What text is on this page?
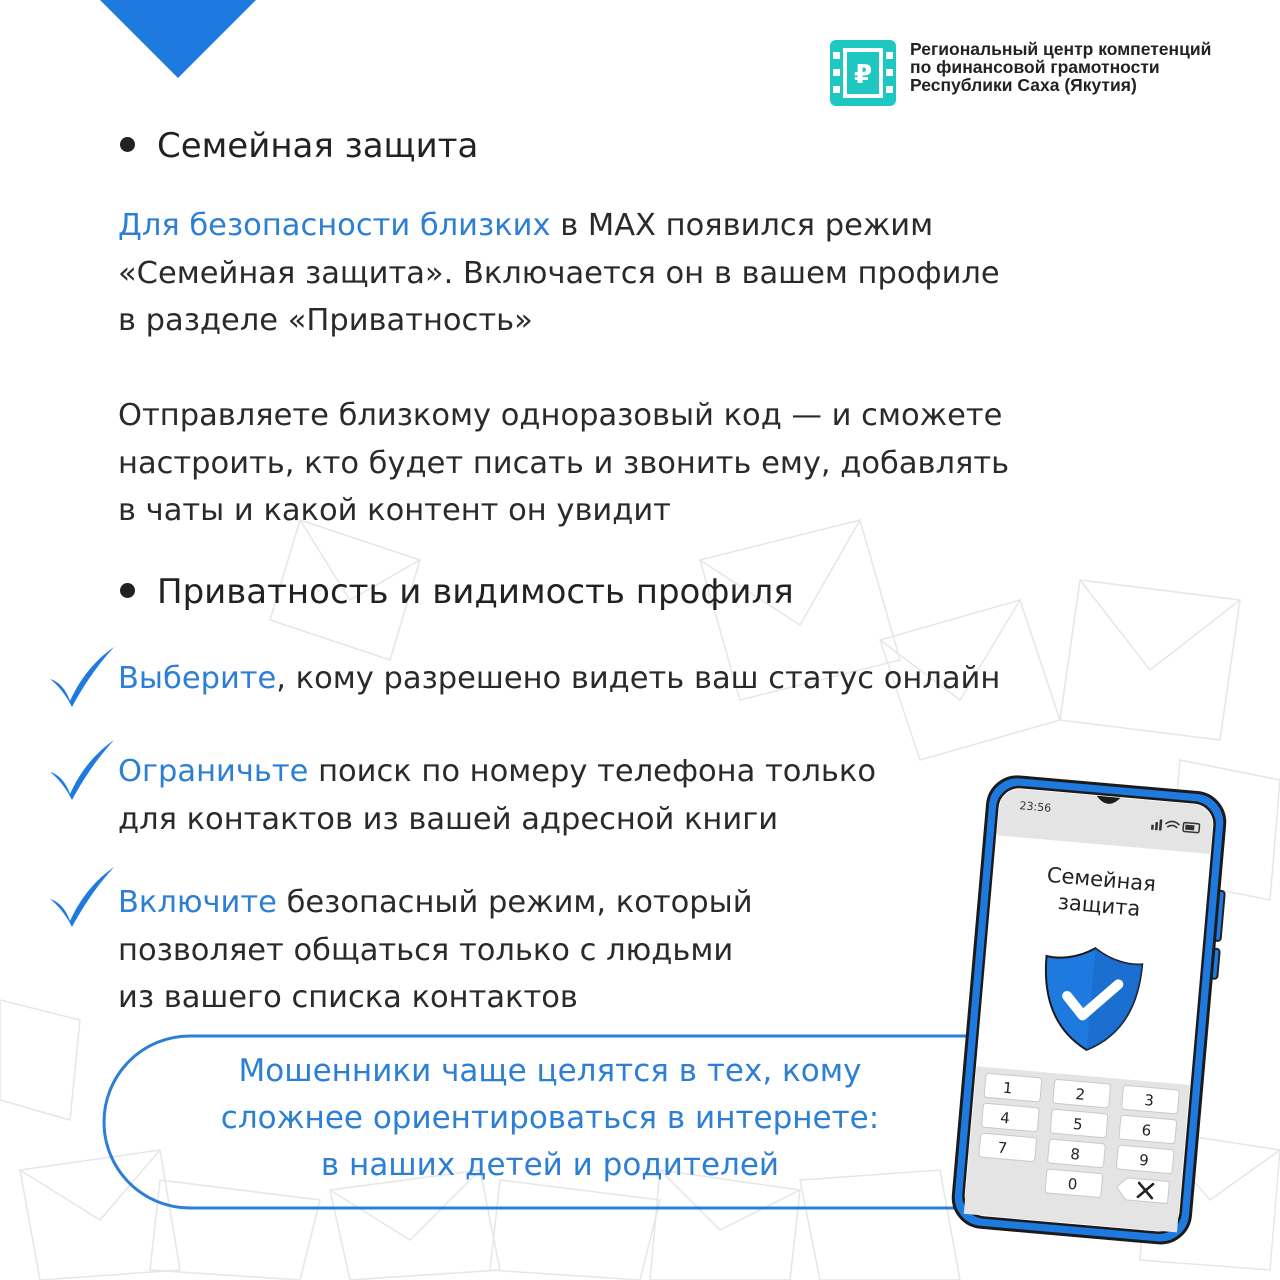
₽
Региональный центр компетенций
по финансовой грамотности
Республики Саха (Якутия)
Семейная защита
Для безопасности близких в MAX появился режим
«Семейная защита». Включается он в вашем профиле
в разделе «Приватность»
Отправляете близкому одноразовый код — и сможете
настроить, кто будет писать и звонить ему, добавлять
в чаты и какой контент он увидит
Приватность и видимость профиля
Выберите, кому разрешено видеть ваш статус онлайн
Ограничьте поиск по номеру телефона только
для контактов из вашей адресной книги
Включите безопасный режим, который
позволяет общаться только с людьми
из вашего списка контактов
Мошенники чаще целятся в тех, кому
сложнее ориентироваться в интернете:
в наших детей и родителей
23:56
Семейная
защита
1	2	3
4	5	6
7	8	9
0
